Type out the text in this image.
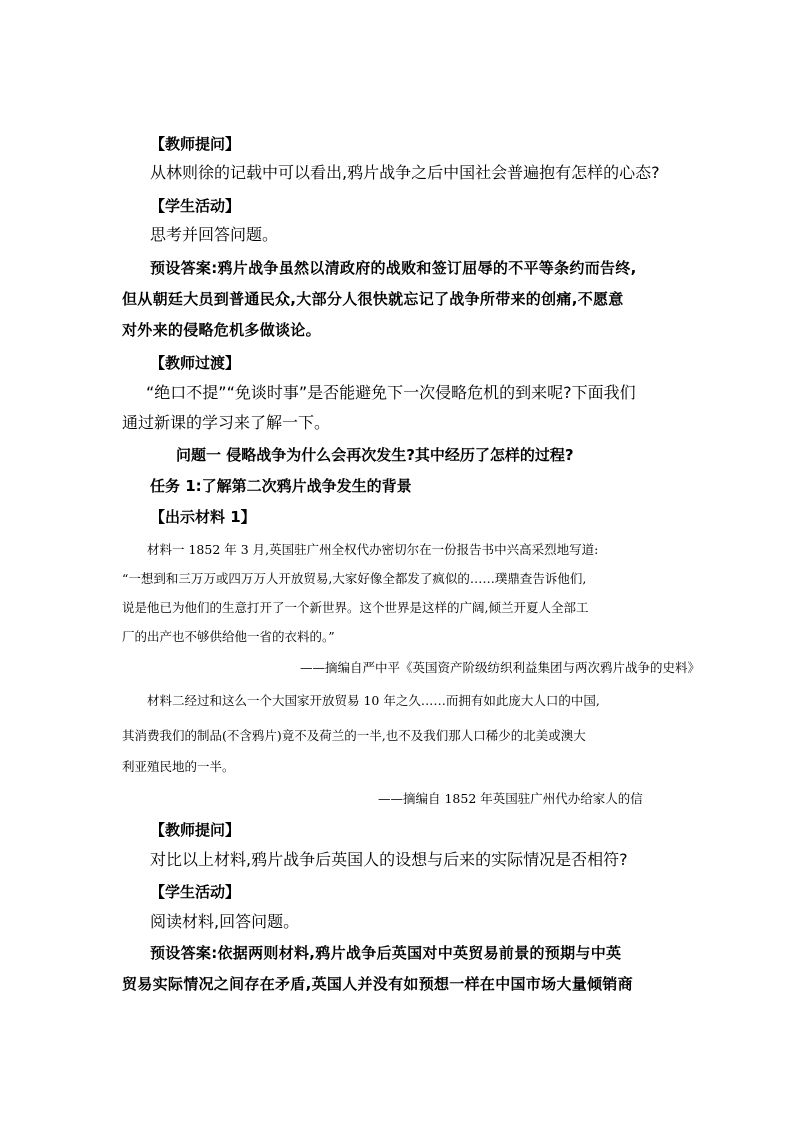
【教师提问】
从林则徐的记载中可以看出,鸦片战争之后中国社会普遍抱有怎样的心态?
【学生活动】
思考并回答问题。
预设答案:鸦片战争虽然以清政府的战败和签订屈辱的不平等条约而告终,
但从朝廷大员到普通民众,大部分人很快就忘记了战争所带来的创痛,不愿意
对外来的侵略危机多做谈论。
【教师过渡】
“绝口不提”“免谈时事”是否能避免下一次侵略危机的到来呢?下面我们
通过新课的学习来了解一下。
问题一 侵略战争为什么会再次发生?其中经历了怎样的过程?
任务 1:了解第二次鸦片战争发生的背景
【出示材料 1】
材料一 1852 年 3 月,英国驻广州全权代办密切尔在一份报告书中兴高采烈地写道:
“一想到和三万万或四万万人开放贸易,大家好像全都发了疯似的……璞鼎查告诉他们,
说是他已为他们的生意打开了一个新世界。这个世界是这样的广阔,倾兰开夏人全部工
厂的出产也不够供给他一省的衣料的。”
——摘编自严中平《英国资产阶级纺织利益集团与两次鸦片战争的史料》
材料二经过和这么一个大国家开放贸易 10 年之久……而拥有如此庞大人口的中国,
其消费我们的制品(不含鸦片)竟不及荷兰的一半,也不及我们那人口稀少的北美或澳大
利亚殖民地的一半。
——摘编自 1852 年英国驻广州代办给家人的信
【教师提问】
对比以上材料,鸦片战争后英国人的设想与后来的实际情况是否相符?
【学生活动】
阅读材料,回答问题。
预设答案:依据两则材料,鸦片战争后英国对中英贸易前景的预期与中英
贸易实际情况之间存在矛盾,英国人并没有如预想一样在中国市场大量倾销商
